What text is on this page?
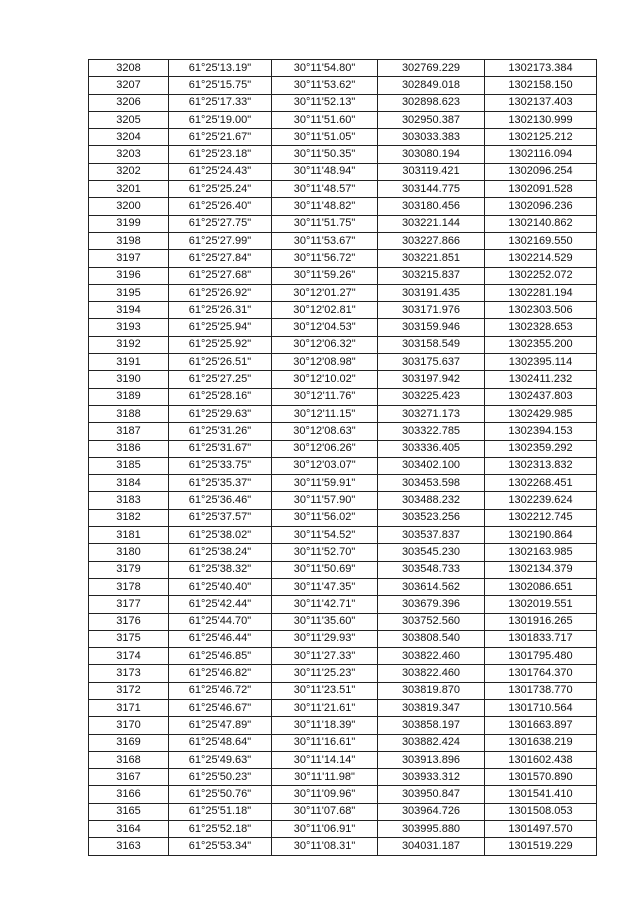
3208	61°25'13.19"	30°11'54.80"	302769.229	1302173.384
3207	61°25'15.75"	30°11'53.62"	302849.018	1302158.150
3206	61°25'17.33"	30°11'52.13"	302898.623	1302137.403
3205	61°25'19.00"	30°11'51.60"	302950.387	1302130.999
3204	61°25'21.67"	30°11'51.05"	303033.383	1302125.212
3203	61°25'23.18"	30°11'50.35"	303080.194	1302116.094
3202	61°25'24.43"	30°11'48.94"	303119.421	1302096.254
3201	61°25'25.24"	30°11'48.57"	303144.775	1302091.528
3200	61°25'26.40"	30°11'48.82"	303180.456	1302096.236
3199	61°25'27.75"	30°11'51.75"	303221.144	1302140.862
3198	61°25'27.99"	30°11'53.67"	303227.866	1302169.550
3197	61°25'27.84"	30°11'56.72"	303221.851	1302214.529
3196	61°25'27.68"	30°11'59.26"	303215.837	1302252.072
3195	61°25'26.92"	30°12'01.27"	303191.435	1302281.194
3194	61°25'26.31"	30°12'02.81"	303171.976	1302303.506
3193	61°25'25.94"	30°12'04.53"	303159.946	1302328.653
3192	61°25'25.92"	30°12'06.32"	303158.549	1302355.200
3191	61°25'26.51"	30°12'08.98"	303175.637	1302395.114
3190	61°25'27.25"	30°12'10.02"	303197.942	1302411.232
3189	61°25'28.16"	30°12'11.76"	303225.423	1302437.803
3188	61°25'29.63"	30°12'11.15"	303271.173	1302429.985
3187	61°25'31.26"	30°12'08.63"	303322.785	1302394.153
3186	61°25'31.67"	30°12'06.26"	303336.405	1302359.292
3185	61°25'33.75"	30°12'03.07"	303402.100	1302313.832
3184	61°25'35.37"	30°11'59.91"	303453.598	1302268.451
3183	61°25'36.46"	30°11'57.90"	303488.232	1302239.624
3182	61°25'37.57"	30°11'56.02"	303523.256	1302212.745
3181	61°25'38.02"	30°11'54.52"	303537.837	1302190.864
3180	61°25'38.24"	30°11'52.70"	303545.230	1302163.985
3179	61°25'38.32"	30°11'50.69"	303548.733	1302134.379
3178	61°25'40.40"	30°11'47.35"	303614.562	1302086.651
3177	61°25'42.44"	30°11'42.71"	303679.396	1302019.551
3176	61°25'44.70"	30°11'35.60"	303752.560	1301916.265
3175	61°25'46.44"	30°11'29.93"	303808.540	1301833.717
3174	61°25'46.85"	30°11'27.33"	303822.460	1301795.480
3173	61°25'46.82"	30°11'25.23"	303822.460	1301764.370
3172	61°25'46.72"	30°11'23.51"	303819.870	1301738.770
3171	61°25'46.67"	30°11'21.61"	303819.347	1301710.564
3170	61°25'47.89"	30°11'18.39"	303858.197	1301663.897
3169	61°25'48.64"	30°11'16.61"	303882.424	1301638.219
3168	61°25'49.63"	30°11'14.14"	303913.896	1301602.438
3167	61°25'50.23"	30°11'11.98"	303933.312	1301570.890
3166	61°25'50.76"	30°11'09.96"	303950.847	1301541.410
3165	61°25'51.18"	30°11'07.68"	303964.726	1301508.053
3164	61°25'52.18"	30°11'06.91"	303995.880	1301497.570
3163	61°25'53.34"	30°11'08.31"	304031.187	1301519.229
